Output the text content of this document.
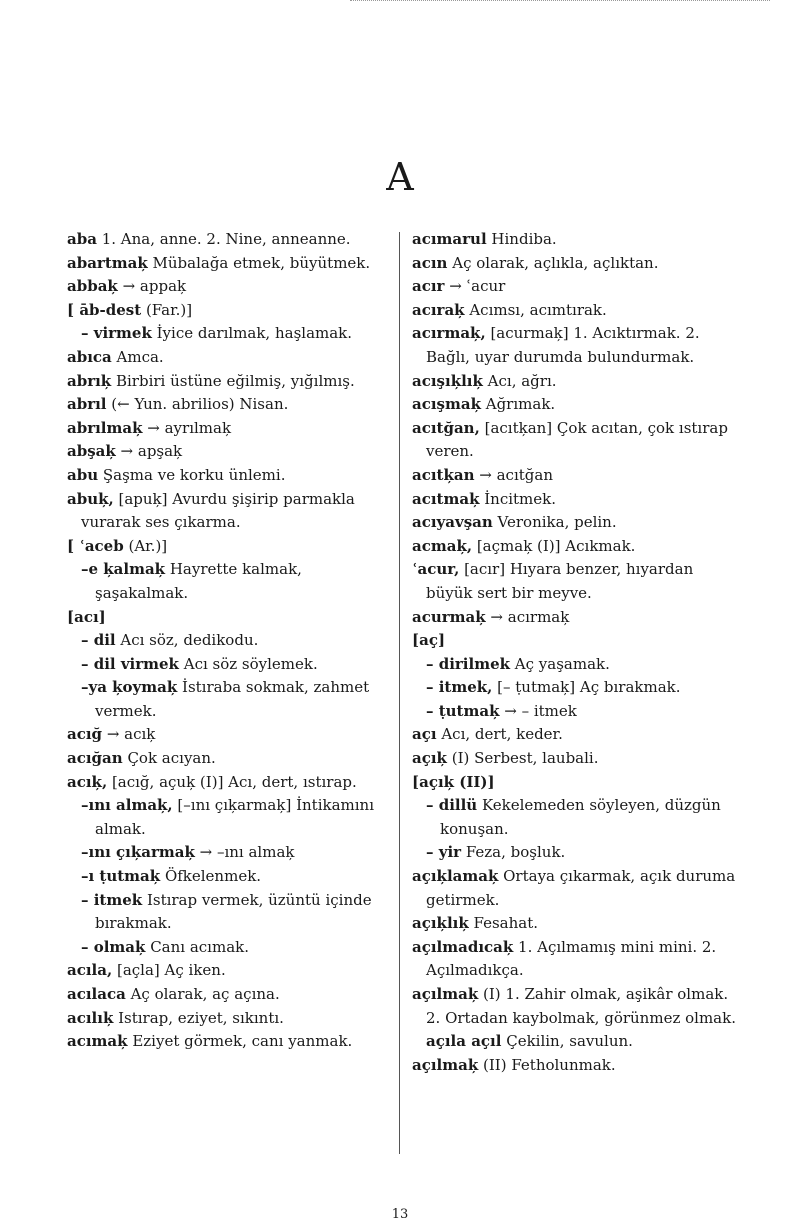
A

aba 1. Ana, anne. 2. Nine, anneanne.

abartmaķ Mübalağa etmek, büyütmek.

abbaķ → appaķ

[ āb-dest (Far.)]

– virmek İyice darılmak, haşlamak.

abıca Amca.

abrıķ Birbiri üstüne eğilmiş, yığılmış.

abrıl (← Yun. abrilios) Nisan.

abrılmaķ → ayrılmaķ

abşaķ → apşaķ

abu Şaşma ve korku ünlemi.

abuķ, [apuķ] Avurdu şişirip parmakla vurarak ses çıkarma.

[ ʿaceb (Ar.)]

–e ķalmaķ Hayrette kalmak, şaşakalmak.

[acı]

– dil Acı söz, dedikodu.

– dil virmek Acı söz söylemek.

–ya ķoymaķ İstıraba sokmak, zahmet vermek.

acığ → acıķ

acığan Çok acıyan.

acıķ, [acığ, açuķ (I)] Acı, dert, ıstırap.

–ını almaķ, [–ını çıķarmaķ] İntikamını almak.

–ını çıķarmaķ → –ını almaķ

–ı ṭutmaķ Öfkelenmek.

– itmek Istırap vermek, üzüntü içinde bırakmak.

– olmaķ Canı acımak.

acıla, [açla] Aç iken.

acılaca Aç olarak, aç açına.

acılıķ Istırap, eziyet, sıkıntı.

acımaķ Eziyet görmek, canı yanmak.

acımarul Hindiba.

acın Aç olarak, açlıkla, açlıktan.

acır → ʿacur

acıraķ Acımsı, acımtırak.

acırmaķ, [acurmaķ] 1. Acıktırmak. 2. Bağlı, uyar durumda bulundurmak.

acışıķlıķ Acı, ağrı.

acışmaķ Ağrımak.

acıtğan, [acıtķan] Çok acıtan, çok ıstırap veren.

acıtķan → acıtğan

acıtmaķ İncitmek.

acıyavşan Veronika, pelin.

acmaķ, [açmaķ (I)] Acıkmak.

ʿacur, [acır] Hıyara benzer, hıyardan büyük sert bir meyve.

acurmaķ → acırmaķ

[aç]

– dirilmek Aç yaşamak.

– itmek, [– ṭutmaķ] Aç bırakmak.

– ṭutmaķ → – itmek

açı Acı, dert, keder.

açıķ (I) Serbest, laubali.

[açıķ (II)]

– dillü Kekelemeden söyleyen, düzgün konuşan.

– yir Feza, boşluk.

açıķlamaķ Ortaya çıkarmak, açık duruma getirmek.

açıķlıķ Fesahat.

açılmadıcaķ 1. Açılmamış mini mini. 2. Açılmadıkça.

açılmaķ (I) 1. Zahir olmak, aşikâr olmak. 2. Ortadan kaybolmak, görünmez olmak.

açıla açıl Çekilin, savulun.

açılmaķ (II) Fetholunmak.

13
